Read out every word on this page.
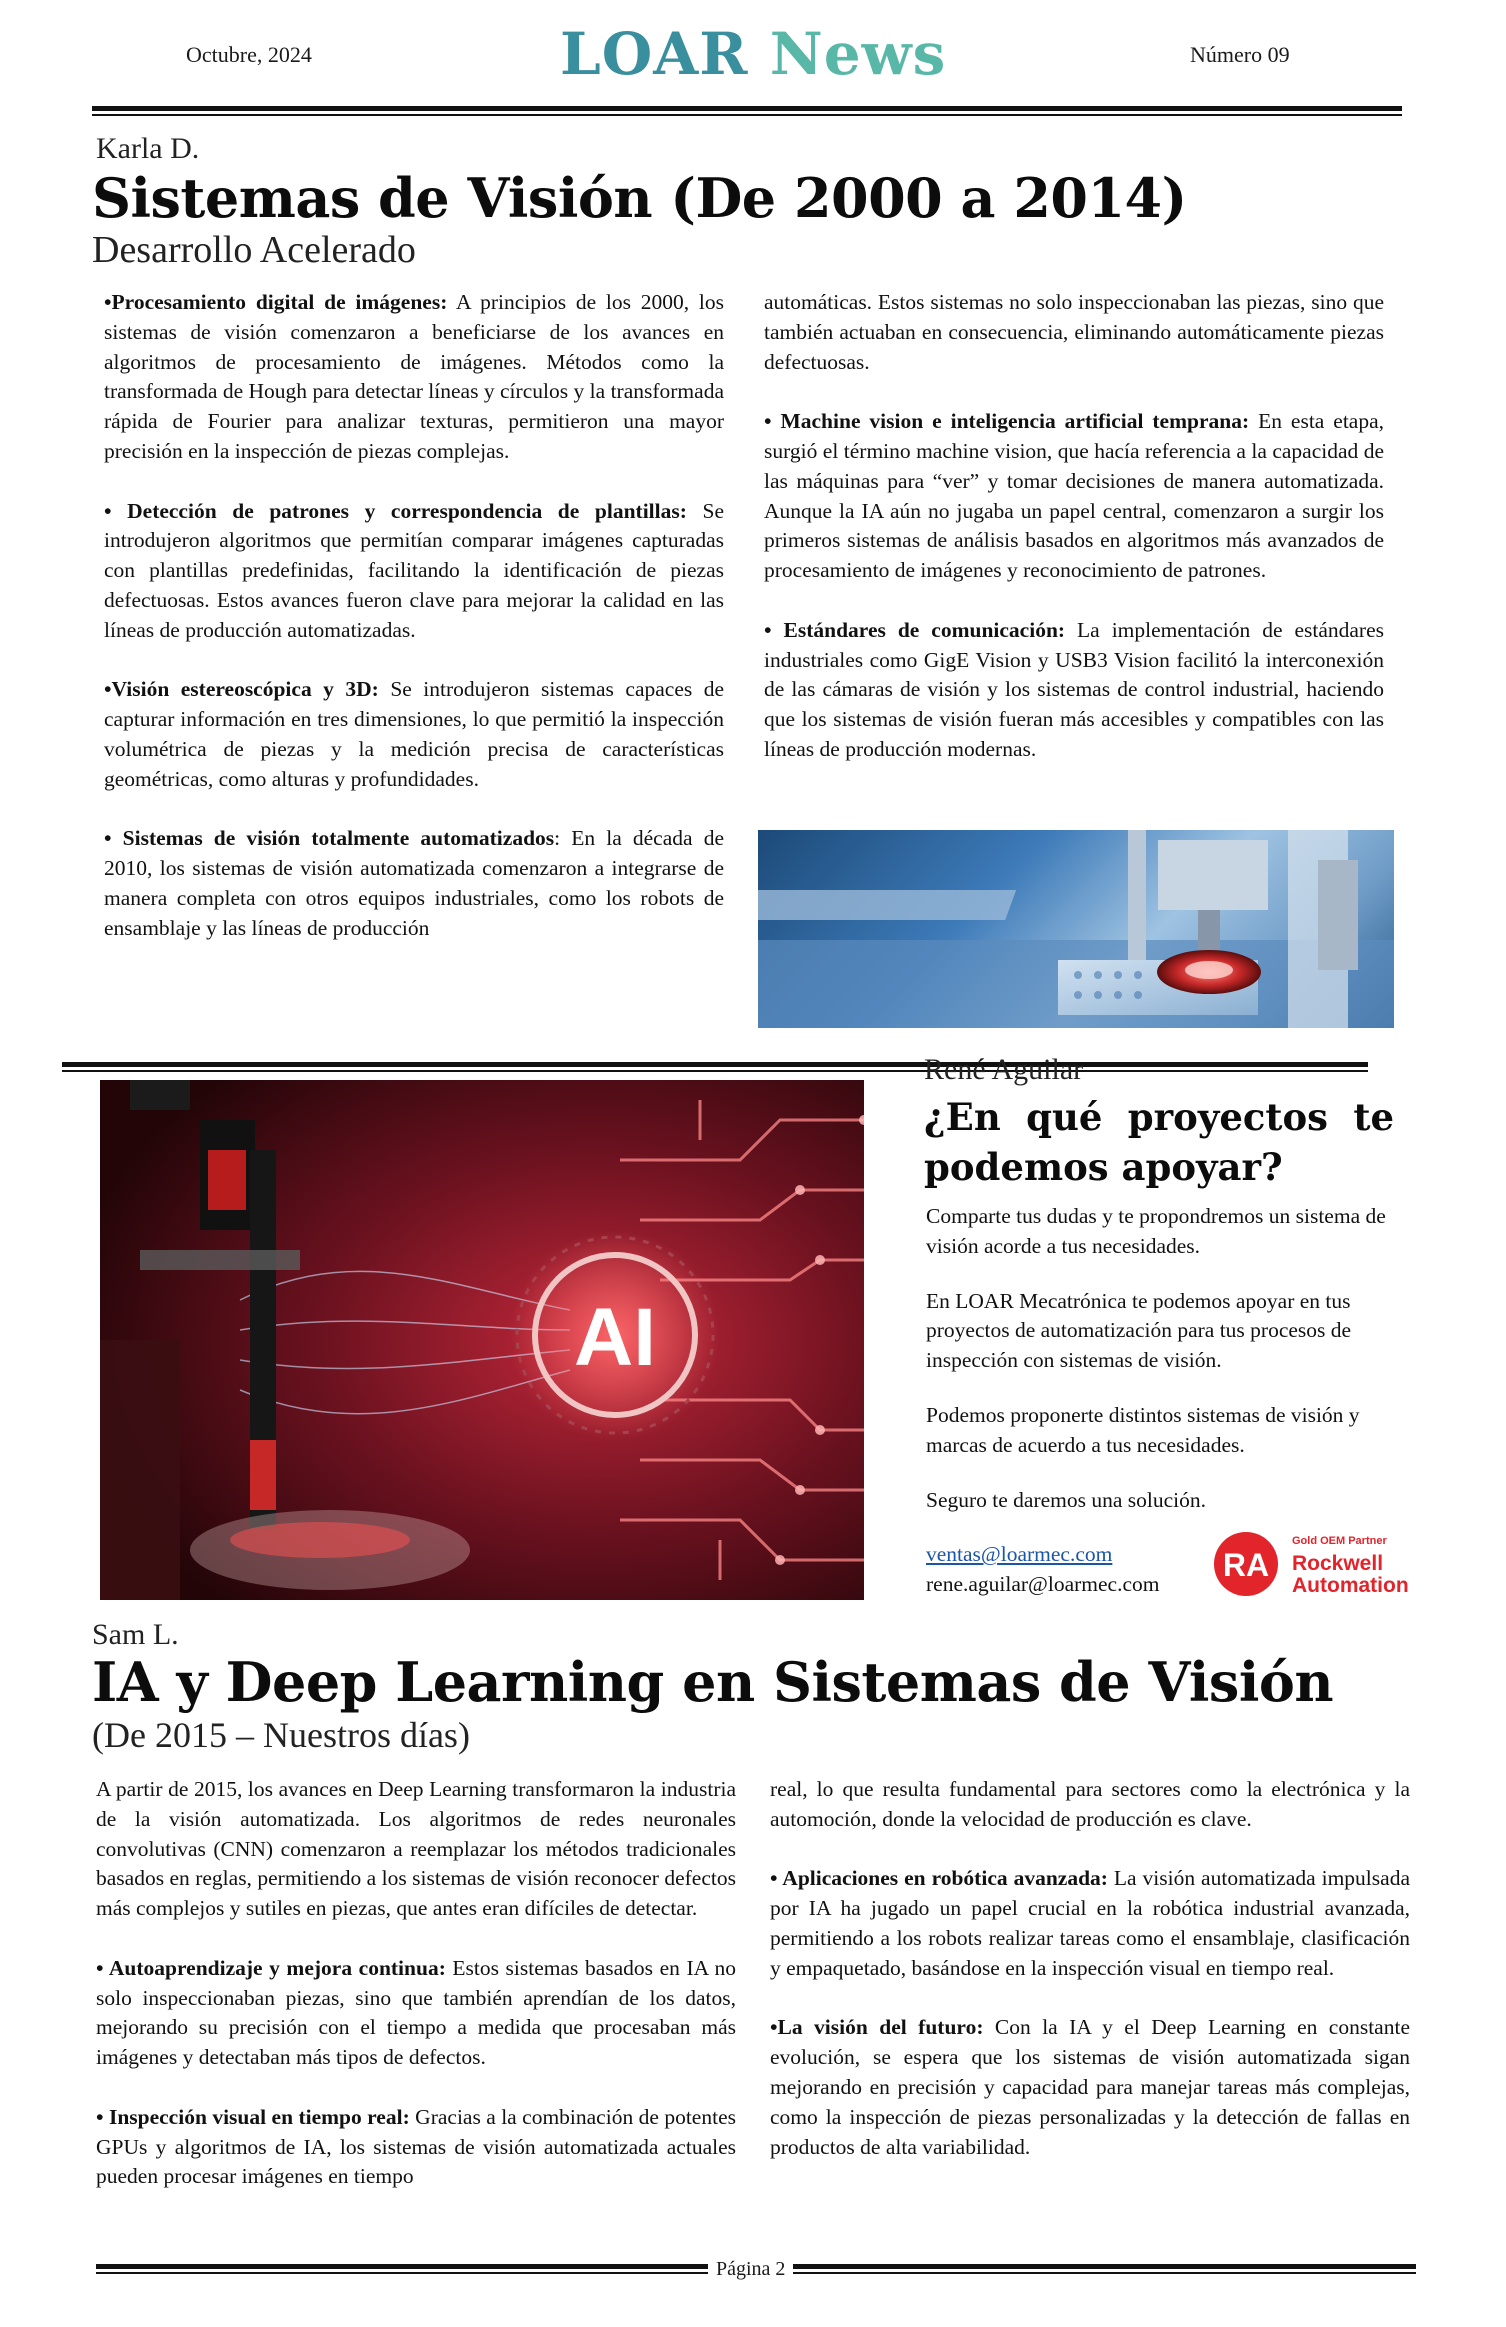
Octubre, 2024	LOAR News	Número 09
Karla D.
Sistemas de Visión (De 2000 a 2014)
Desarrollo Acelerado

•Procesamiento digital de imágenes: A principios de los 2000, los sistemas de visión comenzaron a beneficiarse de los avances en algoritmos de procesamiento de imágenes. Métodos como la transformada de Hough para detectar líneas y círculos y la transformada rápida de Fourier para analizar texturas, permitieron una mayor precisión en la inspección de piezas complejas.

• Detección de patrones y correspondencia de plantillas: Se introdujeron algoritmos que permitían comparar imágenes capturadas con plantillas predefinidas, facilitando la identificación de piezas defectuosas. Estos avances fueron clave para mejorar la calidad en las líneas de producción automatizadas.

•Visión estereoscópica y 3D: Se introdujeron sistemas capaces de capturar información en tres dimensiones, lo que permitió la inspección volumétrica de piezas y la medición precisa de características geométricas, como alturas y profundidades.

• Sistemas de visión totalmente automatizados: En la década de 2010, los sistemas de visión automatizada comenzaron a integrarse de manera completa con otros equipos industriales, como los robots de ensamblaje y las líneas de producción

automáticas. Estos sistemas no solo inspeccionaban las piezas, sino que también actuaban en consecuencia, eliminando automáticamente piezas defectuosas.

• Machine vision e inteligencia artificial temprana: En esta etapa, surgió el término machine vision, que hacía referencia a la capacidad de las máquinas para “ver” y tomar decisiones de manera automatizada. Aunque la IA aún no jugaba un papel central, comenzaron a surgir los primeros sistemas de análisis basados en algoritmos más avanzados de procesamiento de imágenes y reconocimiento de patrones.

• Estándares de comunicación: La implementación de estándares industriales como GigE Vision y USB3 Vision facilitó la interconexión de las cámaras de visión y los sistemas de control industrial, haciendo que los sistemas de visión fueran más accesibles y compatibles con las líneas de producción modernas.

AI
René Aguilar
¿En qué proyectos te podemos apoyar?

Comparte tus dudas y te propondremos un sistema de visión acorde a tus necesidades.

En LOAR Mecatrónica te podemos apoyar en tus proyectos de automatización para tus procesos de inspección con sistemas de visión.

Podemos proponerte distintos sistemas de visión y marcas de acuerdo a tus necesidades.

Seguro te daremos una solución.

ventas@loarmec.com
rene.aguilar@loarmec.com
RA
Gold OEM Partner
Rockwell
Automation
Sam L.
IA y Deep Learning en Sistemas de Visión
(De 2015 – Nuestros días)

A partir de 2015, los avances en Deep Learning transformaron la industria de la visión automatizada. Los algoritmos de redes neuronales convolutivas (CNN) comenzaron a reemplazar los métodos tradicionales basados en reglas, permitiendo a los sistemas de visión reconocer defectos más complejos y sutiles en piezas, que antes eran difíciles de detectar.

• Autoaprendizaje y mejora continua: Estos sistemas basados en IA no solo inspeccionaban piezas, sino que también aprendían de los datos, mejorando su precisión con el tiempo a medida que procesaban más imágenes y detectaban más tipos de defectos.

• Inspección visual en tiempo real: Gracias a la combinación de potentes GPUs y algoritmos de IA, los sistemas de visión automatizada actuales pueden procesar imágenes en tiempo

real, lo que resulta fundamental para sectores como la electrónica y la automoción, donde la velocidad de producción es clave.

• Aplicaciones en robótica avanzada: La visión automatizada impulsada por IA ha jugado un papel crucial en la robótica industrial avanzada, permitiendo a los robots realizar tareas como el ensamblaje, clasificación y empaquetado, basándose en la inspección visual en tiempo real.

•La visión del futuro: Con la IA y el Deep Learning en constante evolución, se espera que los sistemas de visión automatizada sigan mejorando en precisión y capacidad para manejar tareas más complejas, como la inspección de piezas personalizadas y la detección de fallas en productos de alta variabilidad.

Página 2
